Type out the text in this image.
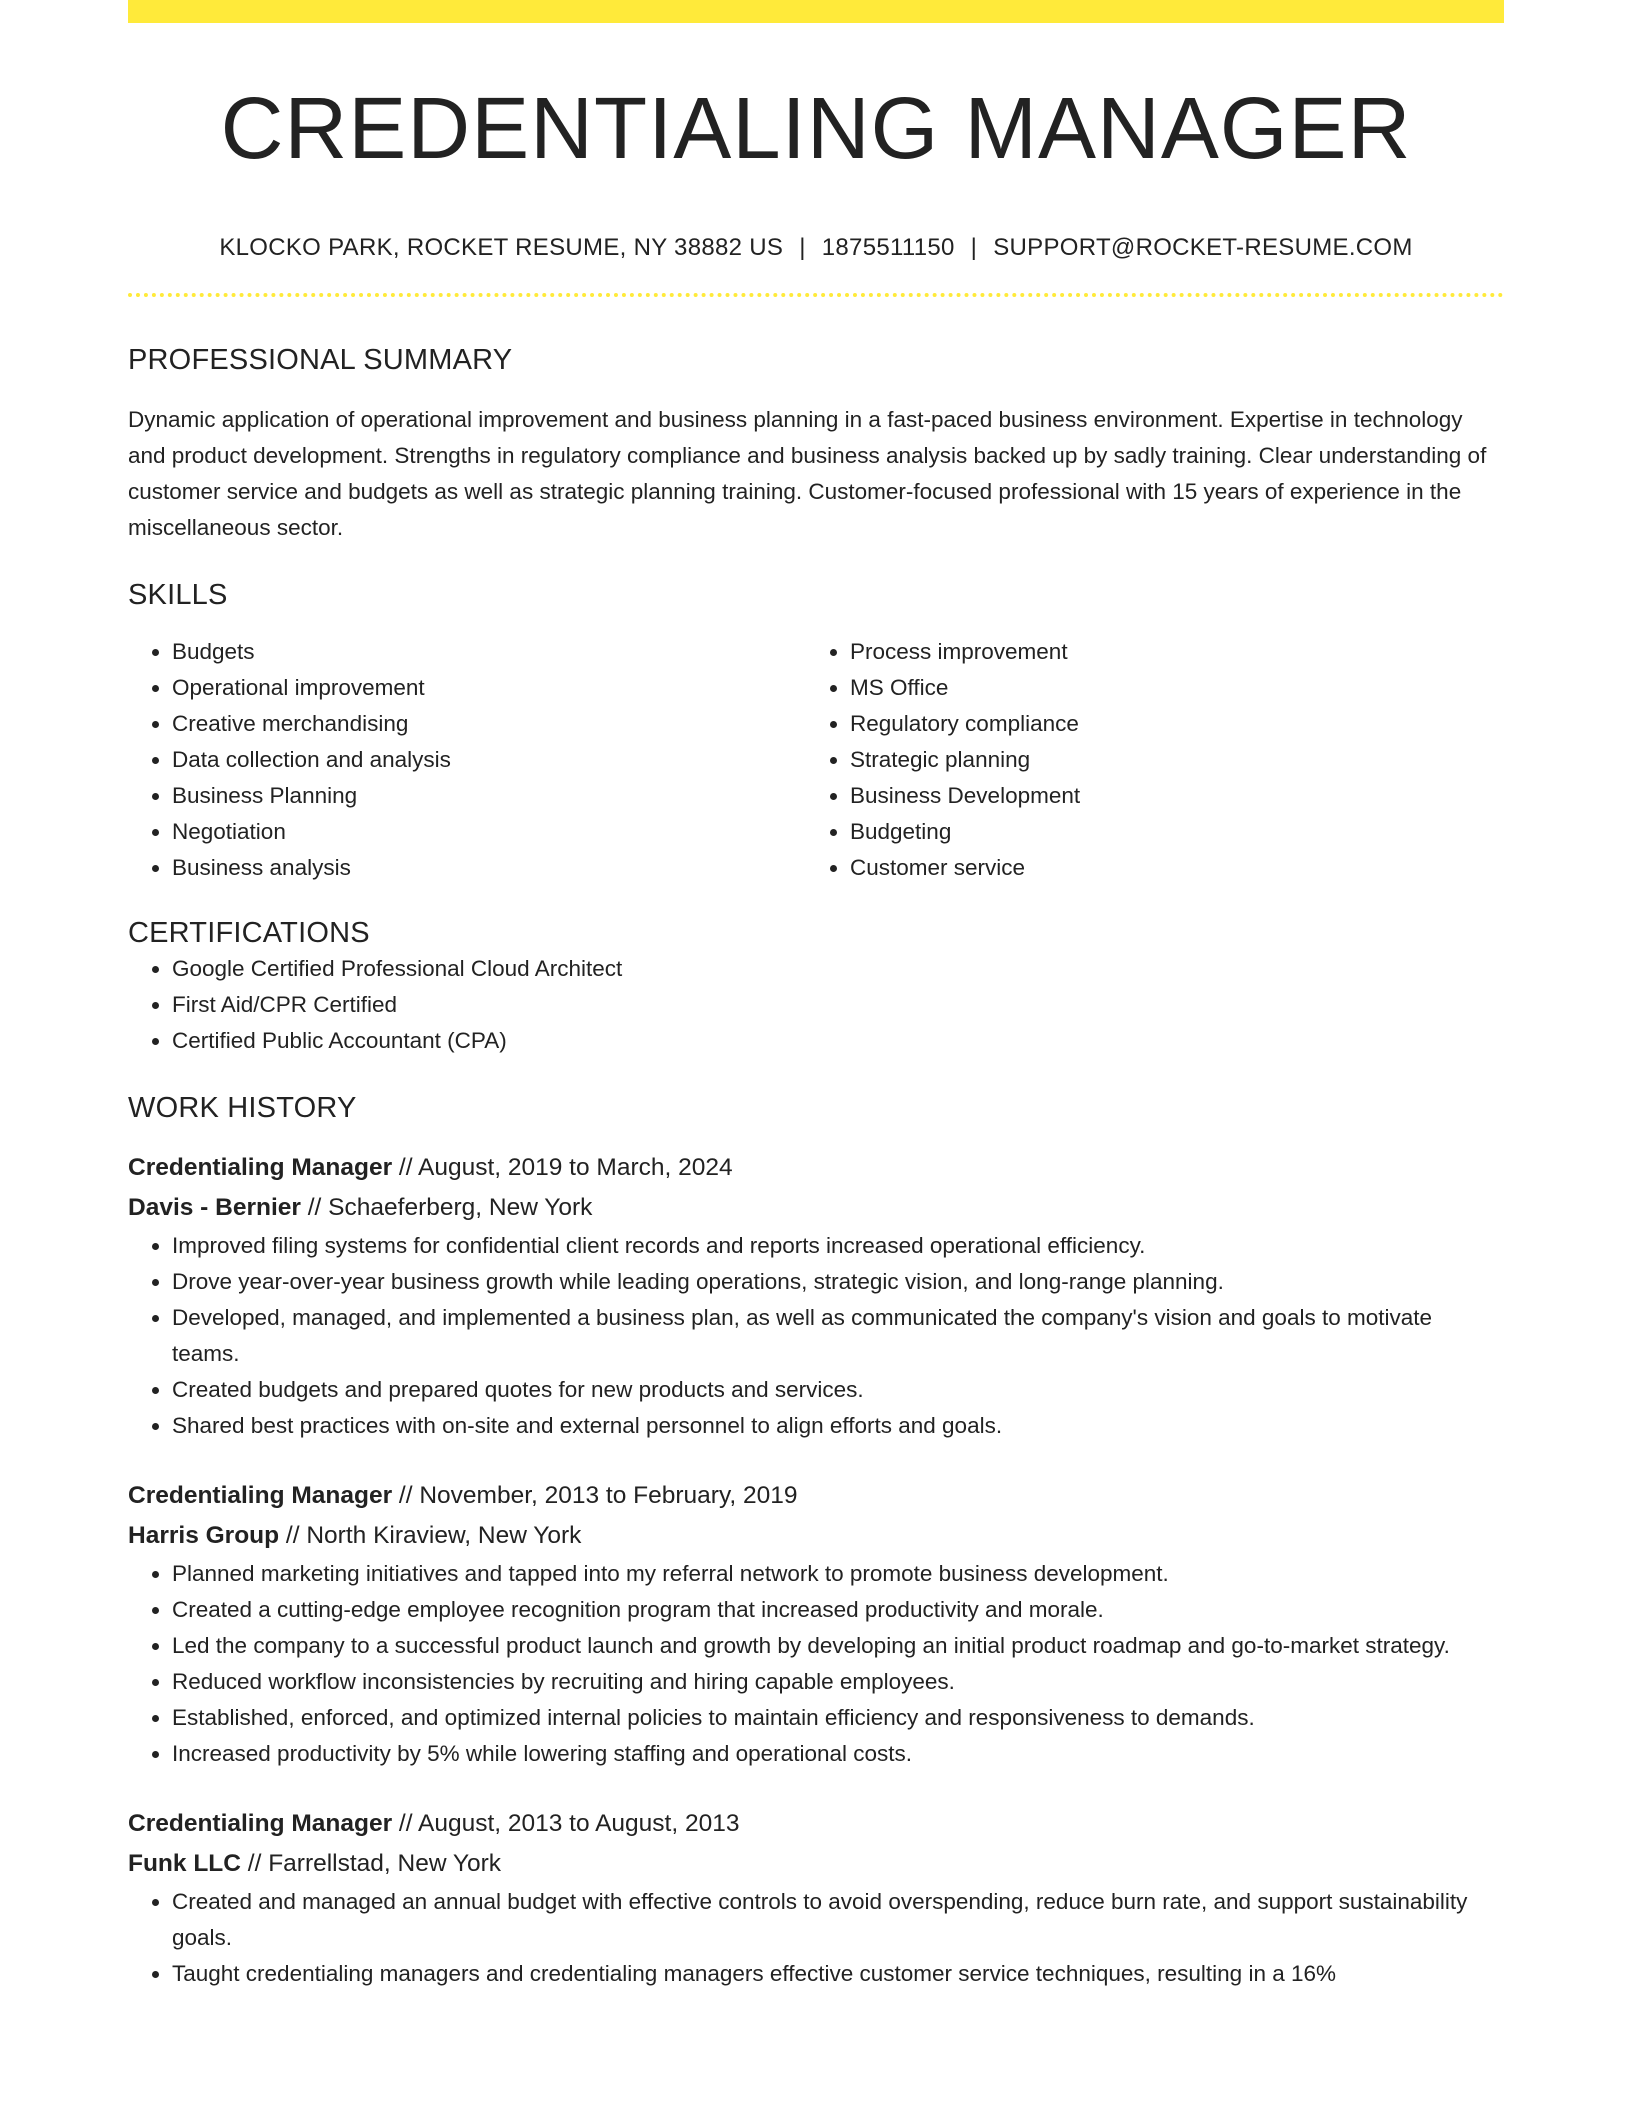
CREDENTIALING MANAGER
KLOCKO PARK, ROCKET RESUME, NY 38882 US | 1875511150 | SUPPORT@ROCKET-RESUME.COM
PROFESSIONAL SUMMARY

Dynamic application of operational improvement and business planning in a fast-paced business environment. Expertise in technology and product development. Strengths in regulatory compliance and business analysis backed up by sadly training. Clear understanding of customer service and budgets as well as strategic planning training. Customer-focused professional with 15 years of experience in the miscellaneous sector.

SKILLS
• Budgets
• Operational improvement
• Creative merchandising
• Data collection and analysis
• Business Planning
• Negotiation
• Business analysis
• Process improvement
• MS Office
• Regulatory compliance
• Strategic planning
• Business Development
• Budgeting
• Customer service
CERTIFICATIONS
• Google Certified Professional Cloud Architect
• First Aid/CPR Certified
• Certified Public Accountant (CPA)
WORK HISTORY
Credentialing Manager // August, 2019 to March, 2024
Davis - Bernier // Schaeferberg, New York
• Improved filing systems for confidential client records and reports increased operational efficiency.
• Drove year-over-year business growth while leading operations, strategic vision, and long-range planning.
• Developed, managed, and implemented a business plan, as well as communicated the company's vision and goals to motivate teams.
• Created budgets and prepared quotes for new products and services.
• Shared best practices with on-site and external personnel to align efforts and goals.
Credentialing Manager // November, 2013 to February, 2019
Harris Group // North Kiraview, New York
• Planned marketing initiatives and tapped into my referral network to promote business development.
• Created a cutting-edge employee recognition program that increased productivity and morale.
• Led the company to a successful product launch and growth by developing an initial product roadmap and go-to-market strategy.
• Reduced workflow inconsistencies by recruiting and hiring capable employees.
• Established, enforced, and optimized internal policies to maintain efficiency and responsiveness to demands.
• Increased productivity by 5% while lowering staffing and operational costs.
Credentialing Manager // August, 2013 to August, 2013
Funk LLC // Farrellstad, New York
• Created and managed an annual budget with effective controls to avoid overspending, reduce burn rate, and support sustainability goals.
• Taught credentialing managers and credentialing managers effective customer service techniques, resulting in a 16%
